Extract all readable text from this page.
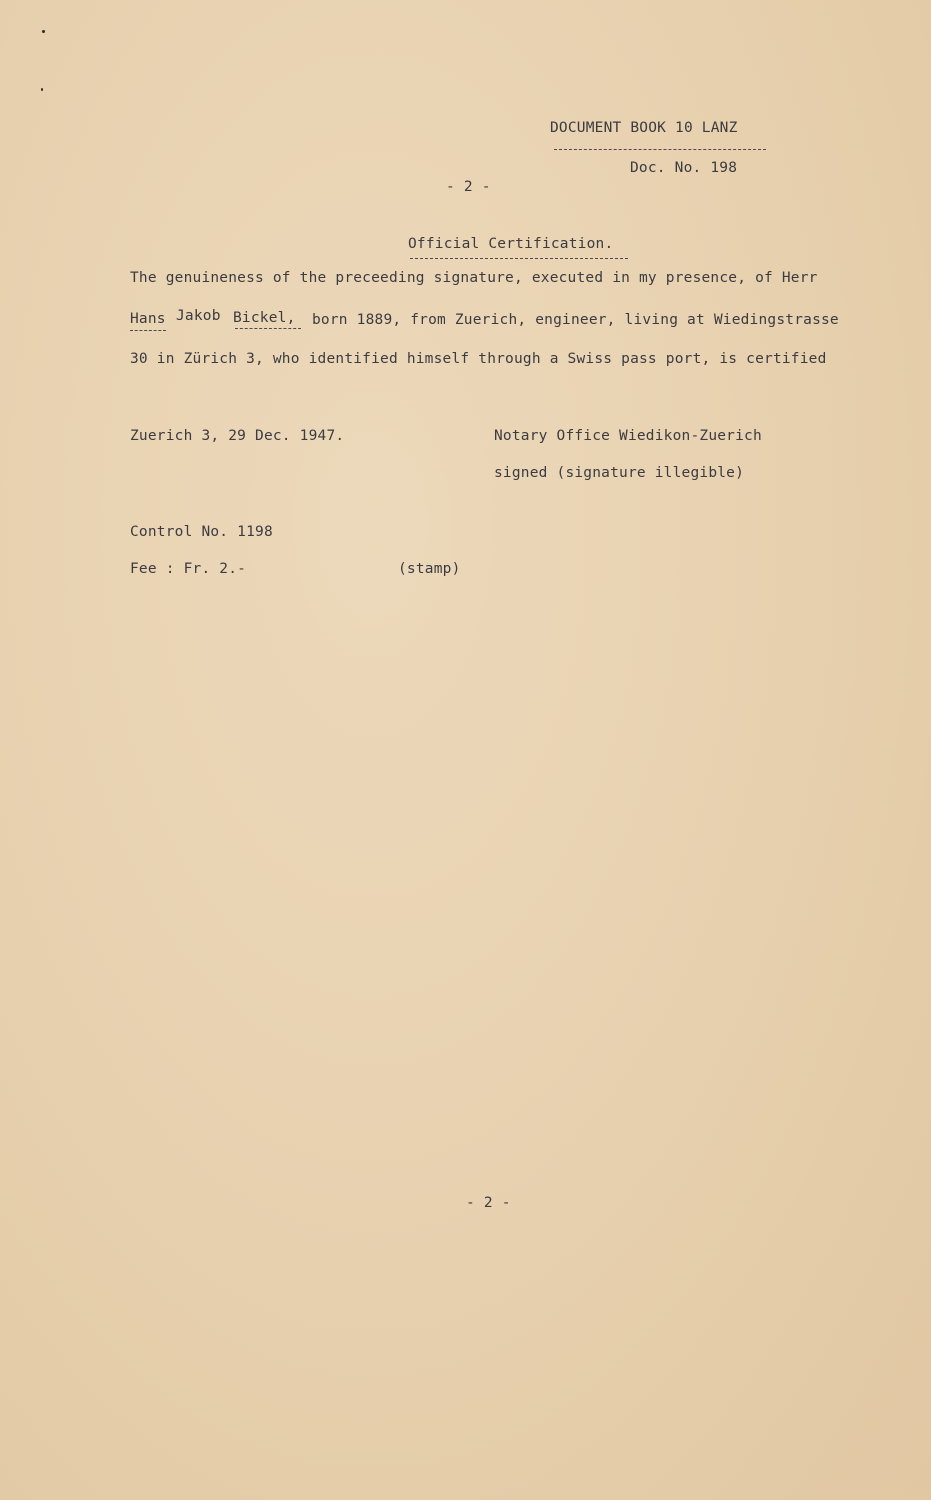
DOCUMENT BOOK 10 LANZ
Doc. No. 198
- 2 -
Official Certification.
The genuineness of the preceeding signature, executed in my presence, of Herr
Hans Jakob Bickel, born 1889, from Zuerich, engineer, living at Wiedingstrasse
30 in Zürich 3, who identified himself through a Swiss pass port, is certified
Zuerich 3, 29 Dec. 1947.	Notary Office Wiedikon-Zuerich
signed (signature illegible)
Control No. 1198
Fee : Fr. 2.-	(stamp)
- 2 -
